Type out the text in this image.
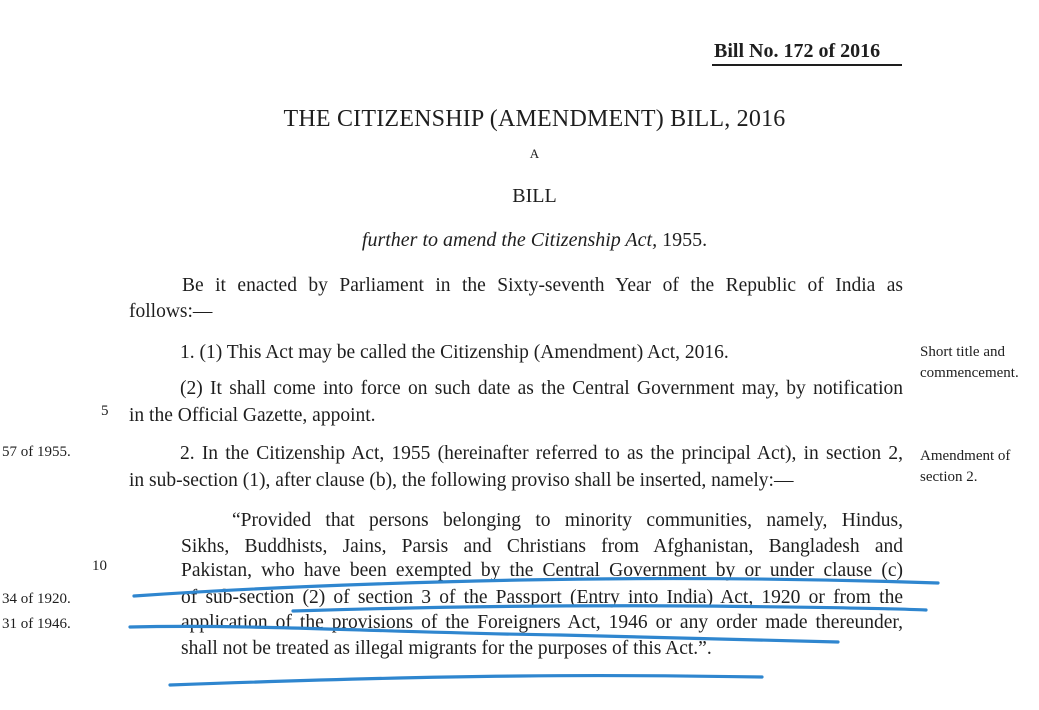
Bill No. 172 of 2016
THE CITIZENSHIP (AMENDMENT) BILL, 2016
A
BILL
further to amend the Citizenship Act, 1955.
Be it enacted by Parliament in the Sixty-seventh Year of the Republic of India as
follows:—
1. (1) This Act may be called the Citizenship (Amendment) Act, 2016.
(2) It shall come into force on such date as the Central Government may, by notification
in the Official Gazette, appoint.
Short title and commencement.
5
57 of 1955.	2. In the Citizenship Act, 1955 (hereinafter referred to as the principal Act), in section 2,
in sub-section (1), after clause (b), the following proviso shall be inserted, namely:—
Amendment of section 2.
“Provided that persons belonging to minority communities, namely, Hindus,
Sikhs, Buddhists, Jains, Parsis and Christians from Afghanistan, Bangladesh and
10	Pakistan, who have been exempted by the Central Government by or under clause (c)
34 of 1920.	of sub-section (2) of section 3 of the Passport (Entry into India) Act, 1920 or from the
31 of 1946.	application of the provisions of the Foreigners Act, 1946 or any order made thereunder,
shall not be treated as illegal migrants for the purposes of this Act.”.
